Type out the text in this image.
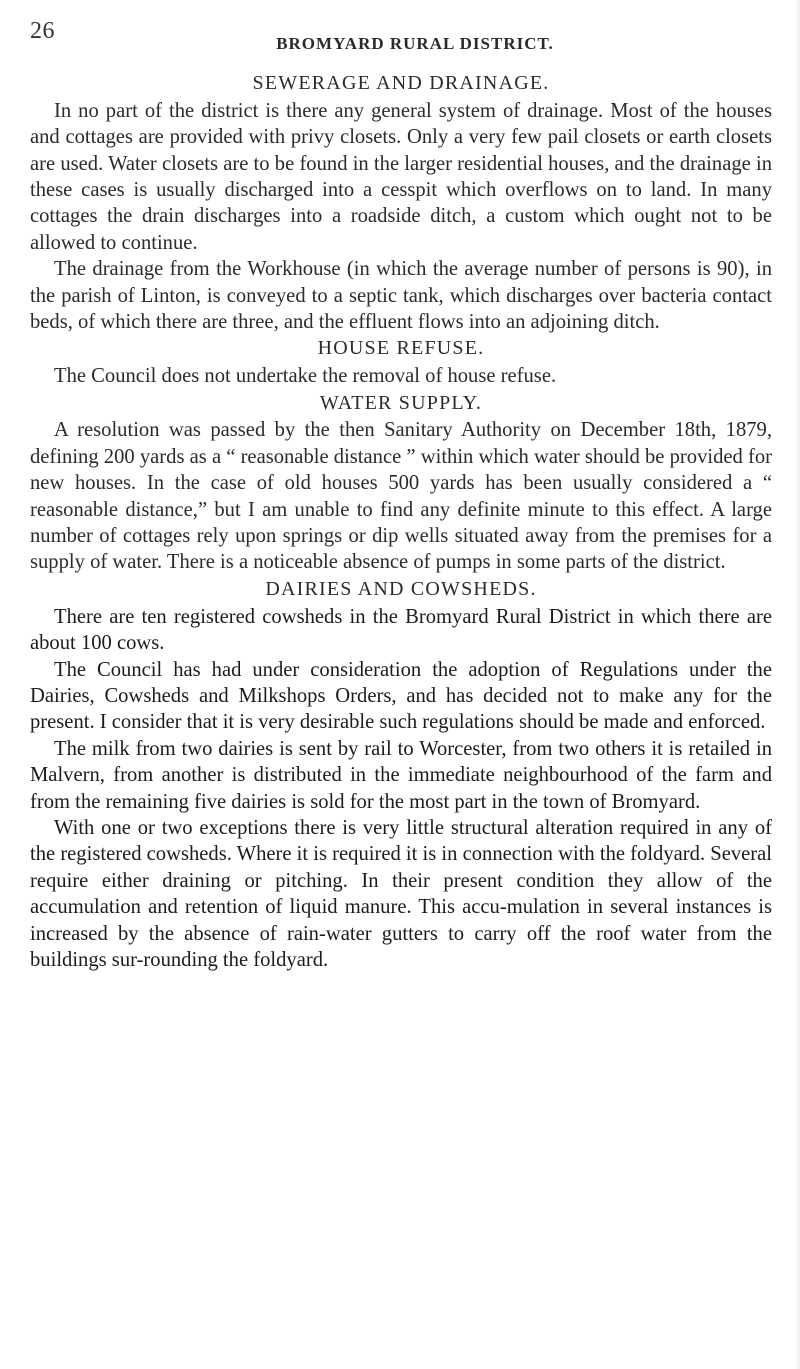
26	BROMYARD RURAL DISTRICT.
SEWERAGE AND DRAINAGE.

In no part of the district is there any general system of drainage. Most of the houses and cottages are provided with privy closets. Only a very few pail closets or earth closets are used. Water closets are to be found in the larger residential houses, and the drainage in these cases is usually discharged into a cesspit which overflows on to land. In many cottages the drain discharges into a roadside ditch, a custom which ought not to be allowed to continue.

The drainage from the Workhouse (in which the average number of persons is 90), in the parish of Linton, is conveyed to a septic tank, which discharges over bacteria contact beds, of which there are three, and the effluent flows into an adjoining ditch.

HOUSE REFUSE.

The Council does not undertake the removal of house refuse.

WATER SUPPLY.

A resolution was passed by the then Sanitary Authority on December 18th, 1879, defining 200 yards as a “ reasonable distance ” within which water should be provided for new houses. In the case of old houses 500 yards has been usually considered a “ reasonable distance,” but I am unable to find any definite minute to this effect. A large number of cottages rely upon springs or dip wells situated away from the premises for a supply of water. There is a noticeable absence of pumps in some parts of the district.

DAIRIES AND COWSHEDS.

There are ten registered cowsheds in the Bromyard Rural District in which there are about 100 cows.

The Council has had under consideration the adoption of Regulations under the Dairies, Cowsheds and Milkshops Orders, and has decided not to make any for the present. I consider that it is very desirable such regulations should be made and enforced.

The milk from two dairies is sent by rail to Worcester, from two others it is retailed in Malvern, from another is distributed in the immediate neighbourhood of the farm and from the remaining five dairies is sold for the most part in the town of Bromyard.

With one or two exceptions there is very little structural alteration required in any of the registered cowsheds. Where it is required it is in connection with the foldyard. Several require either draining or pitching. In their present condition they allow of the accumulation and retention of liquid manure. This accu-mulation in several instances is increased by the absence of rain-water gutters to carry off the roof water from the buildings sur-rounding the foldyard.
